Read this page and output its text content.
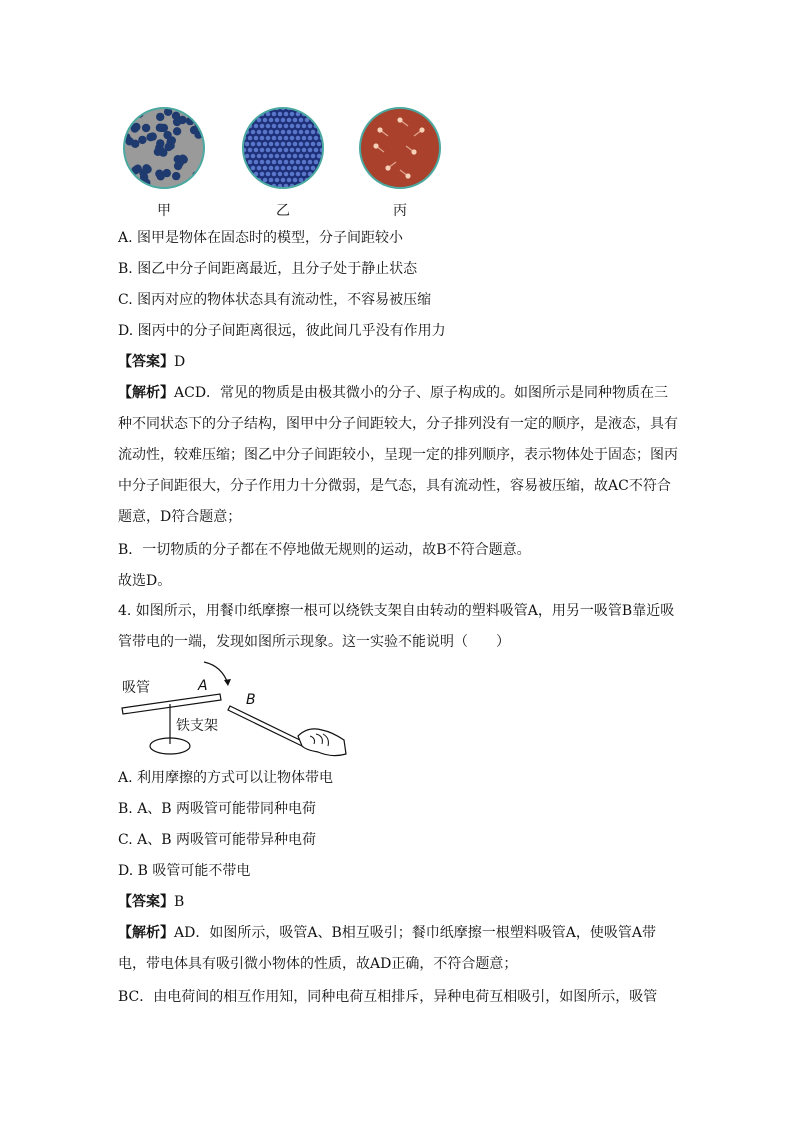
甲	乙	丙
A. 图甲是物体在固态时的模型，分子间距较小
B. 图乙中分子间距离最近，且分子处于静止状态
C. 图丙对应的物体状态具有流动性，不容易被压缩
D. 图丙中的分子间距离很远，彼此间几乎没有作用力
【答案】D
【解析】ACD．常见的物质是由极其微小的分子、原子构成的。如图所示是同种物质在三种不同状态下的分子结构，图甲中分子间距较大，分子排列没有一定的顺序，是液态，具有流动性，较难压缩；图乙中分子间距较小，呈现一定的排列顺序，表示物体处于固态；图丙中分子间距很大，分子作用力十分微弱，是气态，具有流动性，容易被压缩，故AC不符合题意，D符合题意；
B．一切物质的分子都在不停地做无规则的运动，故B不符合题意。
故选D。
4. 如图所示，用餐巾纸摩擦一根可以绕铁支架自由转动的塑料吸管A，用另一吸管B靠近吸管带电的一端，发现如图所示现象。这一实验不能说明（　　）
吸管	A
铁支架
B
A. 利用摩擦的方式可以让物体带电
B. A、B 两吸管可能带同种电荷
C. A、B 两吸管可能带异种电荷
D. B 吸管可能不带电
【答案】B
【解析】AD．如图所示，吸管A、B相互吸引；餐巾纸摩擦一根塑料吸管A，使吸管A带电，带电体具有吸引微小物体的性质，故AD正确，不符合题意；
BC．由电荷间的相互作用知，同种电荷互相排斥，异种电荷互相吸引，如图所示，吸管
